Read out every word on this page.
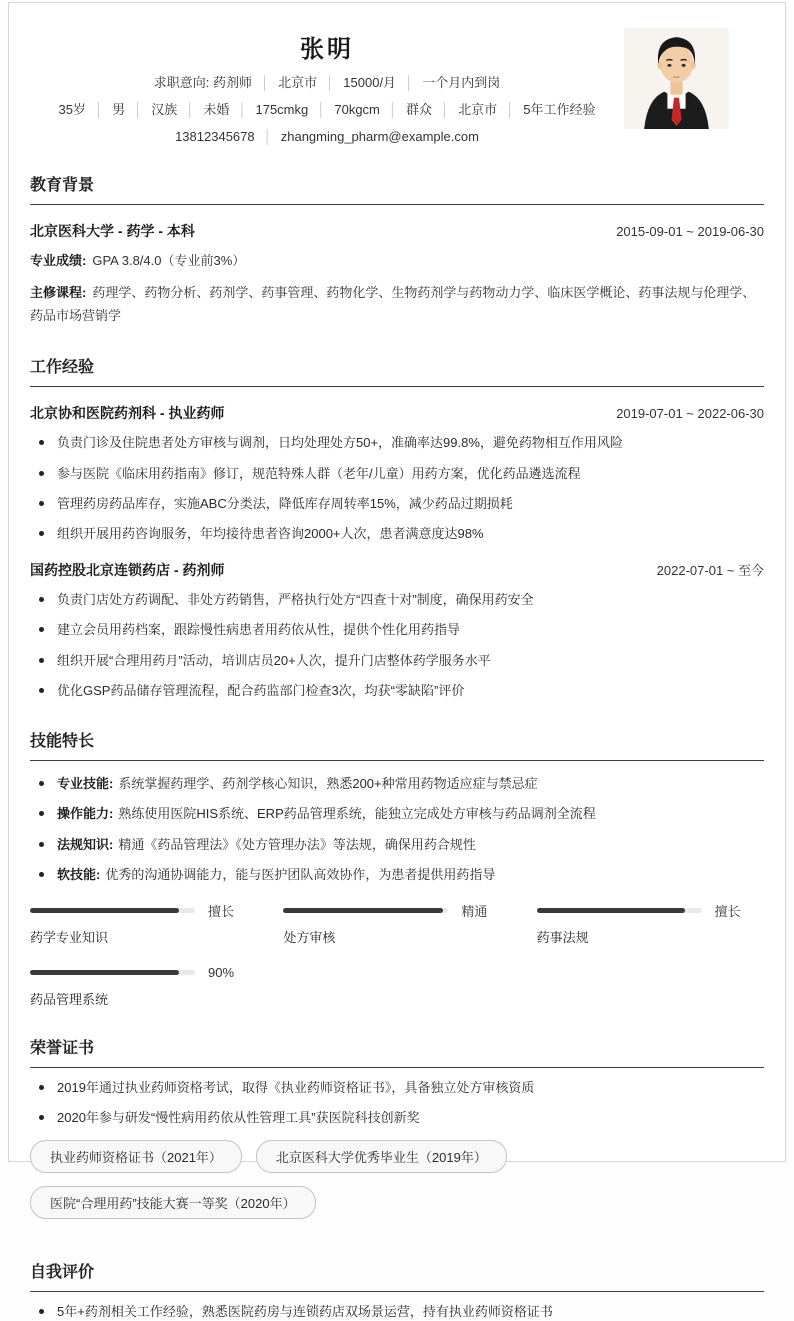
张明
求职意向: 药剂师 │ 北京市 │ 15000/月 │ 一个月内到岗
35岁 │ 男 │ 汉族 │ 未婚 │ 175cmkg │ 70kgcm │ 群众 │ 北京市 │ 5年工作经验
13812345678 │ zhangming_pharm@example.com
教育背景
北京医科大学 - 药学 - 本科	2015-09-01 ~ 2019-06-30
专业成绩: GPA 3.8/4.0（专业前3%）
主修课程: 药理学、药物分析、药剂学、药事管理、药物化学、生物药剂学与药物动力学、临床医学概论、药事法规与伦理学、药品市场营销学
工作经验
北京协和医院药剂科 - 执业药师	2019-07-01 ~ 2022-06-30
负责门诊及住院患者处方审核与调剂，日均处理处方50+，准确率达99.8%，避免药物相互作用风险
参与医院《临床用药指南》修订，规范特殊人群（老年/儿童）用药方案，优化药品遴选流程
管理药房药品库存，实施ABC分类法，降低库存周转率15%，减少药品过期损耗
组织开展用药咨询服务，年均接待患者咨询2000+人次，患者满意度达98%
国药控股北京连锁药店 - 药剂师	2022-07-01 ~ 至今
负责门店处方药调配、非处方药销售，严格执行处方“四查十对”制度，确保用药安全
建立会员用药档案，跟踪慢性病患者用药依从性，提供个性化用药指导
组织开展“合理用药月”活动，培训店员20+人次，提升门店整体药学服务水平
优化GSP药品储存管理流程，配合药监部门检查3次，均获“零缺陷”评价
技能特长
专业技能: 系统掌握药理学、药剂学核心知识，熟悉200+种常用药物适应症与禁忌症
操作能力: 熟练使用医院HIS系统、ERP药品管理系统，能独立完成处方审核与药品调剂全流程
法规知识: 精通《药品管理法》《处方管理办法》等法规，确保用药合规性
软技能: 优秀的沟通协调能力，能与医护团队高效协作，为患者提供用药指导
擅长
药学专业知识
精通
处方审核
擅长
药事法规
90%
药品管理系统
荣誉证书
2019年通过执业药师资格考试，取得《执业药师资格证书》，具备独立处方审核资质
2020年参与研发“慢性病用药依从性管理工具”获医院科技创新奖
执业药师资格证书（2021年）	北京医科大学优秀毕业生（2019年）医院“合理用药”技能大赛一等奖（2020年）
自我评价
5年+药剂相关工作经验，熟悉医院药房与连锁药店双场景运营，持有执业药师资格证书
